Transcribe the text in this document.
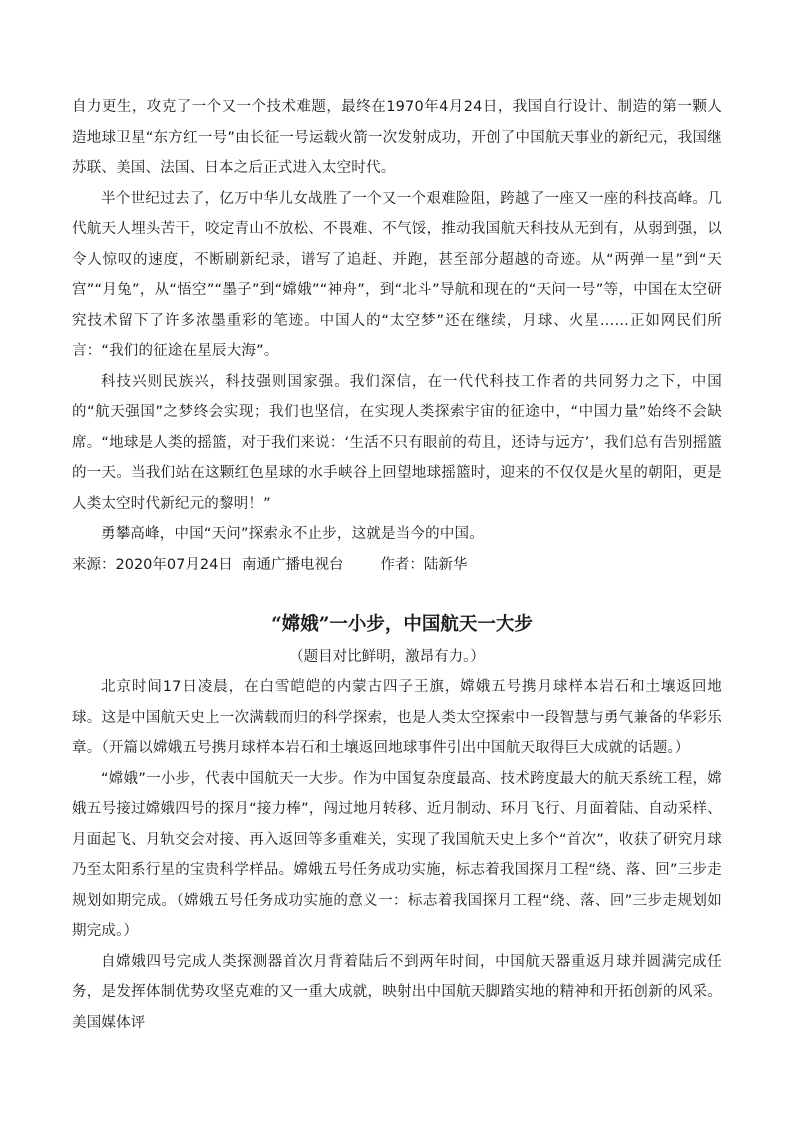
自力更生，攻克了一个又一个技术难题，最终在1970年4月24日，我国自行设计、制造的第一颗人造地球卫星“东方红一号”由长征一号运载火箭一次发射成功，开创了中国航天事业的新纪元，我国继苏联、美国、法国、日本之后正式进入太空时代。

半个世纪过去了，亿万中华儿女战胜了一个又一个艰难险阻，跨越了一座又一座的科技高峰。几代航天人埋头苦干，咬定青山不放松、不畏难、不气馁，推动我国航天科技从无到有，从弱到强，以令人惊叹的速度，不断刷新纪录，谱写了追赶、并跑，甚至部分超越的奇迹。从“两弹一星”到“天宫”“月兔”，从“悟空”“墨子”到“嫦娥”“神舟”，到“北斗”导航和现在的“天问一号”等，中国在太空研究技术留下了许多浓墨重彩的笔迹。中国人的“太空梦”还在继续，月球、火星……正如网民们所言：“我们的征途在星辰大海”。

科技兴则民族兴，科技强则国家强。我们深信，在一代代科技工作者的共同努力之下，中国的“航天强国”之梦终会实现；我们也坚信，在实现人类探索宇宙的征途中，“中国力量”始终不会缺席。“地球是人类的摇篮，对于我们来说：‘生活不只有眼前的苟且，还诗与远方’，我们总有告别摇篮的一天。当我们站在这颗红色星球的水手峡谷上回望地球摇篮时，迎来的不仅仅是火星的朝阳，更是人类太空时代新纪元的黎明！”

勇攀高峰，中国“天问”探索永不止步，这就是当今的中国。

来源：2020年07月24日  南通广播电视台        作者：陆新华

“嫦娥”一小步，中国航天一大步

（题目对比鲜明，激昂有力。）

北京时间17日凌晨，在白雪皑皑的内蒙古四子王旗，嫦娥五号携月球样本岩石和土壤返回地球。这是中国航天史上一次满载而归的科学探索，也是人类太空探索中一段智慧与勇气兼备的华彩乐章。（开篇以嫦娥五号携月球样本岩石和土壤返回地球事件引出中国航天取得巨大成就的话题。）

“嫦娥”一小步，代表中国航天一大步。作为中国复杂度最高、技术跨度最大的航天系统工程，嫦娥五号接过嫦娥四号的探月“接力棒”，闯过地月转移、近月制动、环月飞行、月面着陆、自动采样、月面起飞、月轨交会对接、再入返回等多重难关，实现了我国航天史上多个“首次”，收获了研究月球乃至太阳系行星的宝贵科学样品。嫦娥五号任务成功实施，标志着我国探月工程“绕、落、回”三步走规划如期完成。（嫦娥五号任务成功实施的意义一：标志着我国探月工程“绕、落、回”三步走规划如期完成。）

自嫦娥四号完成人类探测器首次月背着陆后不到两年时间，中国航天器重返月球并圆满完成任务，是发挥体制优势攻坚克难的又一重大成就，映射出中国航天脚踏实地的精神和开拓创新的风采。美国媒体评
